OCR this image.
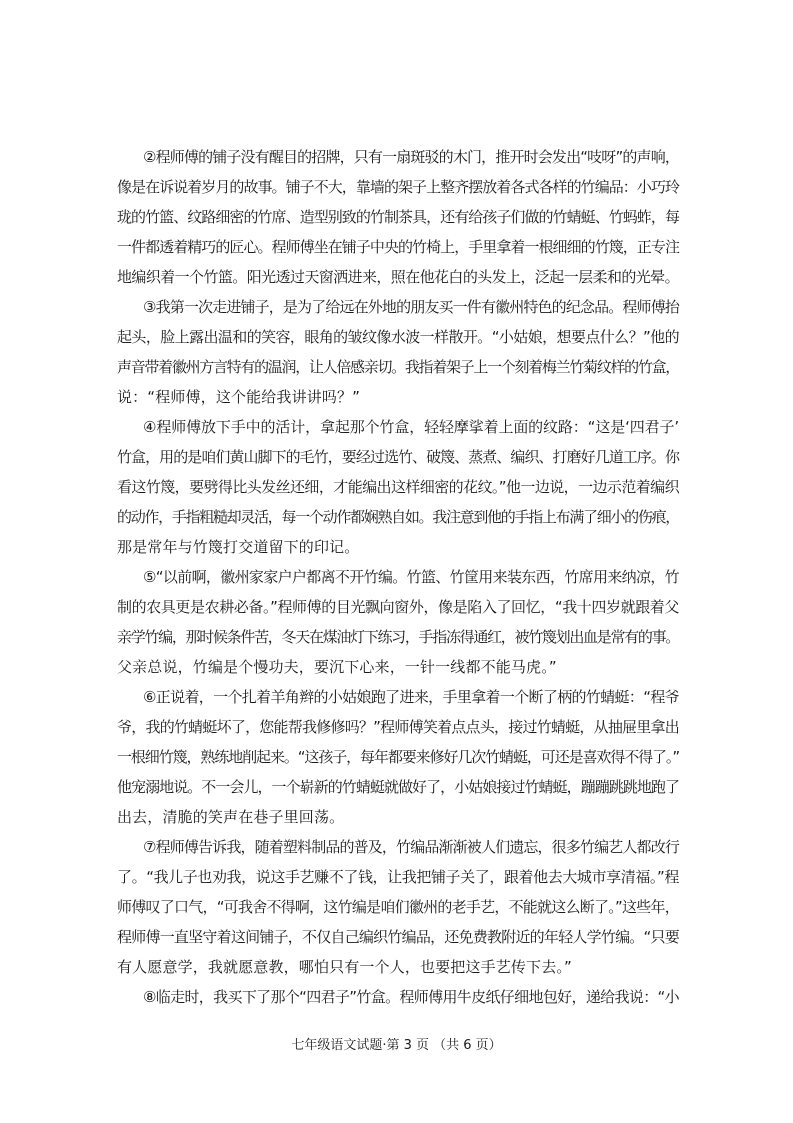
②程师傅的铺子没有醒目的招牌，只有一扇斑驳的木门，推开时会发出“吱呀”的声响，
像是在诉说着岁月的故事。铺子不大，靠墙的架子上整齐摆放着各式各样的竹编品：小巧玲
珑的竹篮、纹路细密的竹席、造型别致的竹制茶具，还有给孩子们做的竹蜻蜓、竹蚂蚱，每
一件都透着精巧的匠心。程师傅坐在铺子中央的竹椅上，手里拿着一根细细的竹篾，正专注
地编织着一个竹篮。阳光透过天窗洒进来，照在他花白的头发上，泛起一层柔和的光晕。
③我第一次走进铺子，是为了给远在外地的朋友买一件有徽州特色的纪念品。程师傅抬
起头，脸上露出温和的笑容，眼角的皱纹像水波一样散开。“小姑娘，想要点什么？”他的
声音带着徽州方言特有的温润，让人倍感亲切。我指着架子上一个刻着梅兰竹菊纹样的竹盒，
说：“程师傅，这个能给我讲讲吗？”
④程师傅放下手中的活计，拿起那个竹盒，轻轻摩挲着上面的纹路：“这是‘四君子’
竹盒，用的是咱们黄山脚下的毛竹，要经过选竹、破篾、蒸煮、编织、打磨好几道工序。你
看这竹篾，要劈得比头发丝还细，才能编出这样细密的花纹。”他一边说，一边示范着编织
的动作，手指粗糙却灵活，每一个动作都娴熟自如。我注意到他的手指上布满了细小的伤痕，
那是常年与竹篾打交道留下的印记。
⑤“以前啊，徽州家家户户都离不开竹编。竹篮、竹筐用来装东西，竹席用来纳凉，竹
制的农具更是农耕必备。”程师傅的目光飘向窗外，像是陷入了回忆，“我十四岁就跟着父
亲学竹编，那时候条件苦，冬天在煤油灯下练习，手指冻得通红，被竹篾划出血是常有的事。
父亲总说，竹编是个慢功夫，要沉下心来，一针一线都不能马虎。”
⑥正说着，一个扎着羊角辫的小姑娘跑了进来，手里拿着一个断了柄的竹蜻蜓：“程爷
爷，我的竹蜻蜓坏了，您能帮我修修吗？”程师傅笑着点点头，接过竹蜻蜓，从抽屉里拿出
一根细竹篾，熟练地削起来。“这孩子，每年都要来修好几次竹蜻蜓，可还是喜欢得不得了。”
他宠溺地说。不一会儿，一个崭新的竹蜻蜓就做好了，小姑娘接过竹蜻蜓，蹦蹦跳跳地跑了
出去，清脆的笑声在巷子里回荡。
⑦程师傅告诉我，随着塑料制品的普及，竹编品渐渐被人们遗忘，很多竹编艺人都改行
了。“我儿子也劝我，说这手艺赚不了钱，让我把铺子关了，跟着他去大城市享清福。”程
师傅叹了口气，“可我舍不得啊，这竹编是咱们徽州的老手艺，不能就这么断了。”这些年，
程师傅一直坚守着这间铺子，不仅自己编织竹编品，还免费教附近的年轻人学竹编。“只要
有人愿意学，我就愿意教，哪怕只有一个人，也要把这手艺传下去。”
⑧临走时，我买下了那个“四君子”竹盒。程师傅用牛皮纸仔细地包好，递给我说：“小
七年级语文试题·第 3 页 （共 6 页）
